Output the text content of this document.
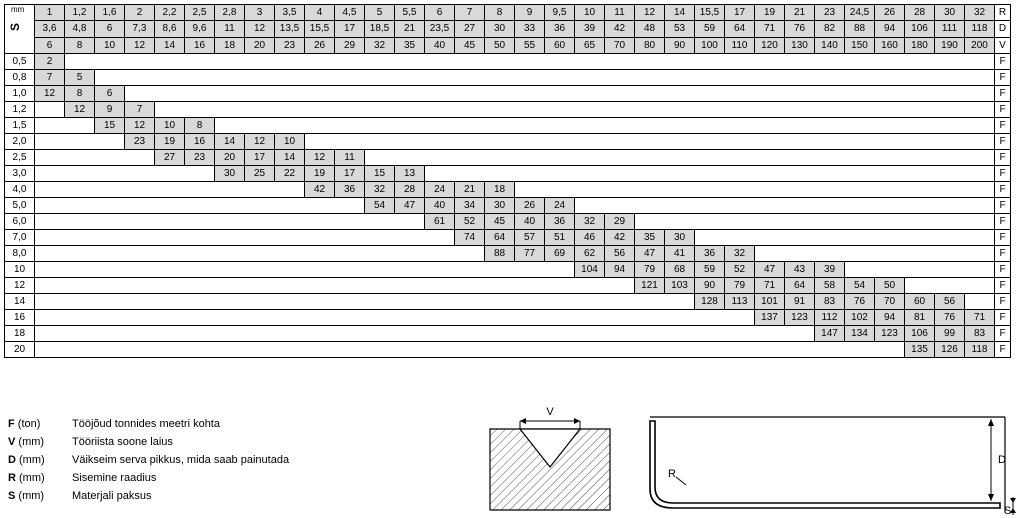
mm
S	1	1,2	1,6	2	2,2	2,5	2,8	3	3,5	4	4,5	5	5,5	6	7	8	9	9,5	10	11	12	14	15,5	17	19	21	23	24,5	26	28	30	32	R
	3,6	4,8	6	7,3	8,6	9,6	11	12	13,5	15,5	17	18,5	21	23,5	27	30	33	36	39	42	48	53	59	64	71	76	82	88	94	106	111	118	D
	6	8	10	12	14	16	18	20	23	26	29	32	35	40	45	50	55	60	65	70	80	90	100	110	120	130	140	150	160	180	190	200	V
0,5	2																																F
0,8	7	5																															F
1,0	12	8	6																														F
1,2		12	9	7																													F
1,5			15	12	10	8																											F
2,0				23	19	16	14	12	10																								F
2,5					27	23	20	17	14	12	11																						F
3,0							30	25	22	19	17	15	13																				F
4,0										42	36	32	28	24	21	18																	F
5,0												54	47	40	34	30	26	24															F
6,0														61	52	45	40	36	32	29													F
7,0															74	64	57	51	46	42	35	30											F
8,0																88	77	69	62	56	47	41	36	32									F
10																			104	94	79	68	59	52	47	43	39						F
12																					121	103	90	79	71	64	58	54	50				F
14																							128	113	101	91	83	76	70	60	56		F
16																									137	123	112	102	94	81	76	71	F
18																											147	134	123	106	99	83	F
20																														135	126	118	F
F (ton)	Tööjõud tonnides meetri kohta
V (mm)	Tööriista soone laius
D (mm)	Väikseim serva pikkus, mida saab painutada
R (mm)	Sisemine raadius
S (mm)	Materjali paksus
V
R
D
S
